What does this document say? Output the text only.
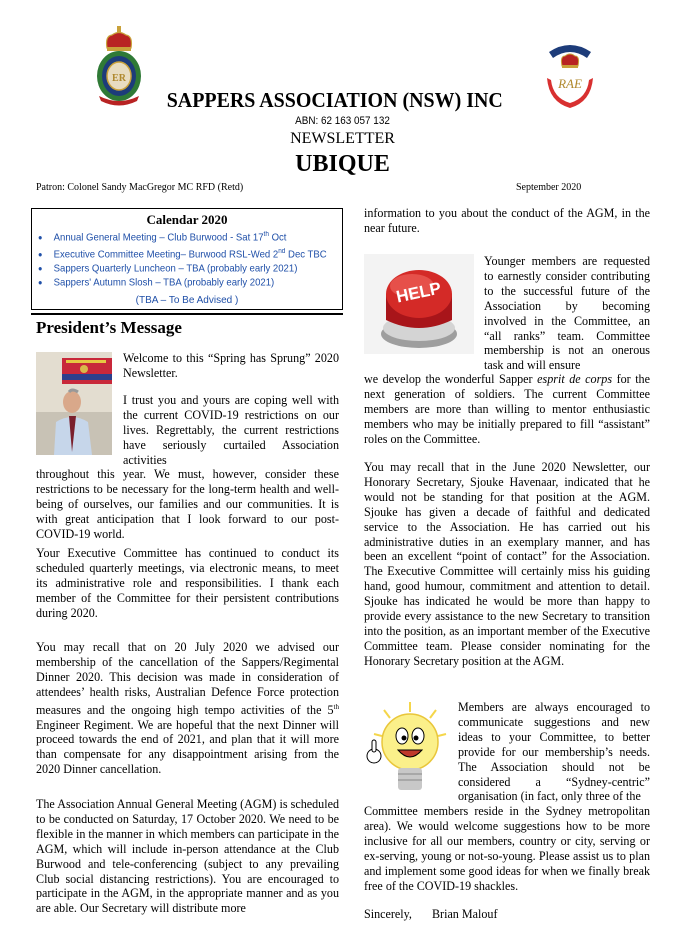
ER
SAPPERS ASSOCIATION (NSW) INC
RAE
ABN: 62 163 057 132
NEWSLETTER
UBIQUE
Patron: Colonel Sandy MacGregor MC RFD (Retd)	September 2020
Calendar 2020
● Annual General Meeting – Club Burwood - Sat 17th Oct
● Executive Committee Meeting– Burwood RSL-Wed 2nd Dec TBC
● Sappers Quarterly Luncheon – TBA (probably early 2021)
● Sappers' Autumn Slosh – TBA (probably early 2021)
(TBA – To Be Advised )
President’s Message
Welcome to this “Spring has Sprung” 2020 Newsletter.
I trust you and yours are coping well with the current COVID-19 restrictions on our lives. Regrettably, the current restrictions have seriously curtailed Association activities
throughout this year. We must, however, consider these restrictions to be necessary for the long-term health and well-being of ourselves, our families and our communities. It is with great anticipation that I look forward to our post-COVID-19 world.
Your Executive Committee has continued to conduct its scheduled quarterly meetings, via electronic means, to meet its administrative role and responsibilities. I thank each member of the Committee for their persistent contributions during 2020.
You may recall that on 20 July 2020 we advised our membership of the cancellation of the Sappers/Regimental Dinner 2020. This decision was made in consideration of attendees’ health risks, Australian Defence Force protection measures and the ongoing high tempo activities of the 5th Engineer Regiment. We are hopeful that the next Dinner will proceed towards the end of 2021, and plan that it will more than compensate for any disappointment arising from the 2020 Dinner cancellation.
The Association Annual General Meeting (AGM) is scheduled to be conducted on Saturday, 17 October 2020. We need to be flexible in the manner in which members can participate in the AGM, which will include in-person attendance at the Club Burwood and tele-conferencing (subject to any prevailing Club social distancing restrictions). You are encouraged to participate in the AGM, in the appropriate manner and as you are able. Our Secretary will distribute more
information to you about the conduct of the AGM, in the near future.
HELP
Younger members are requested to earnestly consider contributing to the successful future of the Association by becoming involved in the Committee, an “all ranks” team. Committee membership is not an onerous task and will ensure
we develop the wonderful Sapper esprit de corps for the next generation of soldiers. The current Committee members are more than willing to mentor enthusiastic members who may be initially prepared to fill “assistant” roles on the Committee.
You may recall that in the June 2020 Newsletter, our Honorary Secretary, Sjouke Havenaar, indicated that he would not be standing for that position at the AGM. Sjouke has given a decade of faithful and dedicated service to the Association. He has carried out his administrative duties in an exemplary manner, and has been an excellent “point of contact” for the Association. The Executive Committee will certainly miss his guiding hand, good humour, commitment and attention to detail. Sjouke has indicated he would be more than happy to provide every assistance to the new Secretary to transition into the position, as an important member of the Executive Committee team. Please consider nominating for the Honorary Secretary position at the AGM.
Members are always encouraged to communicate suggestions and new ideas to your Committee, to better provide for our membership’s needs. The Association should not be considered a “Sydney-centric” organisation (in fact, only three of the
Committee members reside in the Sydney metropolitan area). We would welcome suggestions how to be more inclusive for all our members, country or city, serving or ex-serving, young or not-so-young. Please assist us to plan and implement some good ideas for when we finally break free of the COVID-19 shackles.
Sincerely, Brian Malouf
